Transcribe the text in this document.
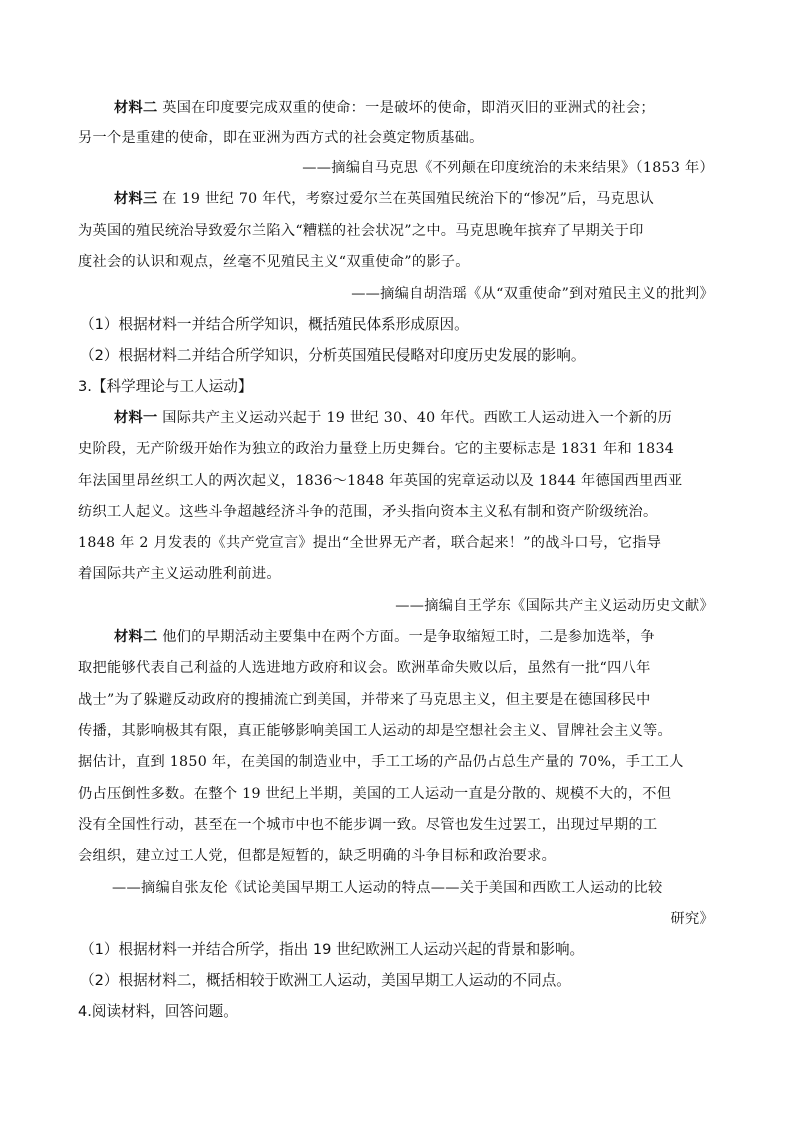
材料二 英国在印度要完成双重的使命：一是破坏的使命，即消灭旧的亚洲式的社会；
另一个是重建的使命，即在亚洲为西方式的社会奠定物质基础。
——摘编自马克思《不列颠在印度统治的未来结果》（1853 年）
材料三 在 19 世纪 70 年代，考察过爱尔兰在英国殖民统治下的“惨况”后，马克思认
为英国的殖民统治导致爱尔兰陷入“糟糕的社会状况”之中。马克思晚年摈弃了早期关于印
度社会的认识和观点，丝毫不见殖民主义“双重使命”的影子。
——摘编自胡浩瑶《从“双重使命”到对殖民主义的批判》
（1）根据材料一并结合所学知识，概括殖民体系形成原因。
（2）根据材料二并结合所学知识，分析英国殖民侵略对印度历史发展的影响。
3.【科学理论与工人运动】
材料一 国际共产主义运动兴起于 19 世纪 30、40 年代。西欧工人运动进入一个新的历
史阶段，无产阶级开始作为独立的政治力量登上历史舞台。它的主要标志是 1831 年和 1834
年法国里昂丝织工人的两次起义，1836～1848 年英国的宪章运动以及 1844 年德国西里西亚
纺织工人起义。这些斗争超越经济斗争的范围，矛头指向资本主义私有制和资产阶级统治。
1848 年 2 月发表的《共产党宣言》提出“全世界无产者，联合起来！”的战斗口号，它指导
着国际共产主义运动胜利前进。
——摘编自王学东《国际共产主义运动历史文献》
材料二 他们的早期活动主要集中在两个方面。一是争取缩短工时，二是参加选举，争
取把能够代表自己利益的人选进地方政府和议会。欧洲革命失败以后，虽然有一批“四八年
战士”为了躲避反动政府的搜捕流亡到美国，并带来了马克思主义，但主要是在德国移民中
传播，其影响极其有限，真正能够影响美国工人运动的却是空想社会主义、冒牌社会主义等。
据估计，直到 1850 年，在美国的制造业中，手工工场的产品仍占总生产量的 70%，手工工人
仍占压倒性多数。在整个 19 世纪上半期，美国的工人运动一直是分散的、规模不大的，不但
没有全国性行动，甚至在一个城市中也不能步调一致。尽管也发生过罢工，出现过早期的工
会组织，建立过工人党，但都是短暂的，缺乏明确的斗争目标和政治要求。
——摘编自张友伦《试论美国早期工人运动的特点——关于美国和西欧工人运动的比较
研究》
（1）根据材料一并结合所学，指出 19 世纪欧洲工人运动兴起的背景和影响。
（2）根据材料二，概括相较于欧洲工人运动，美国早期工人运动的不同点。
4.阅读材料，回答问题。
